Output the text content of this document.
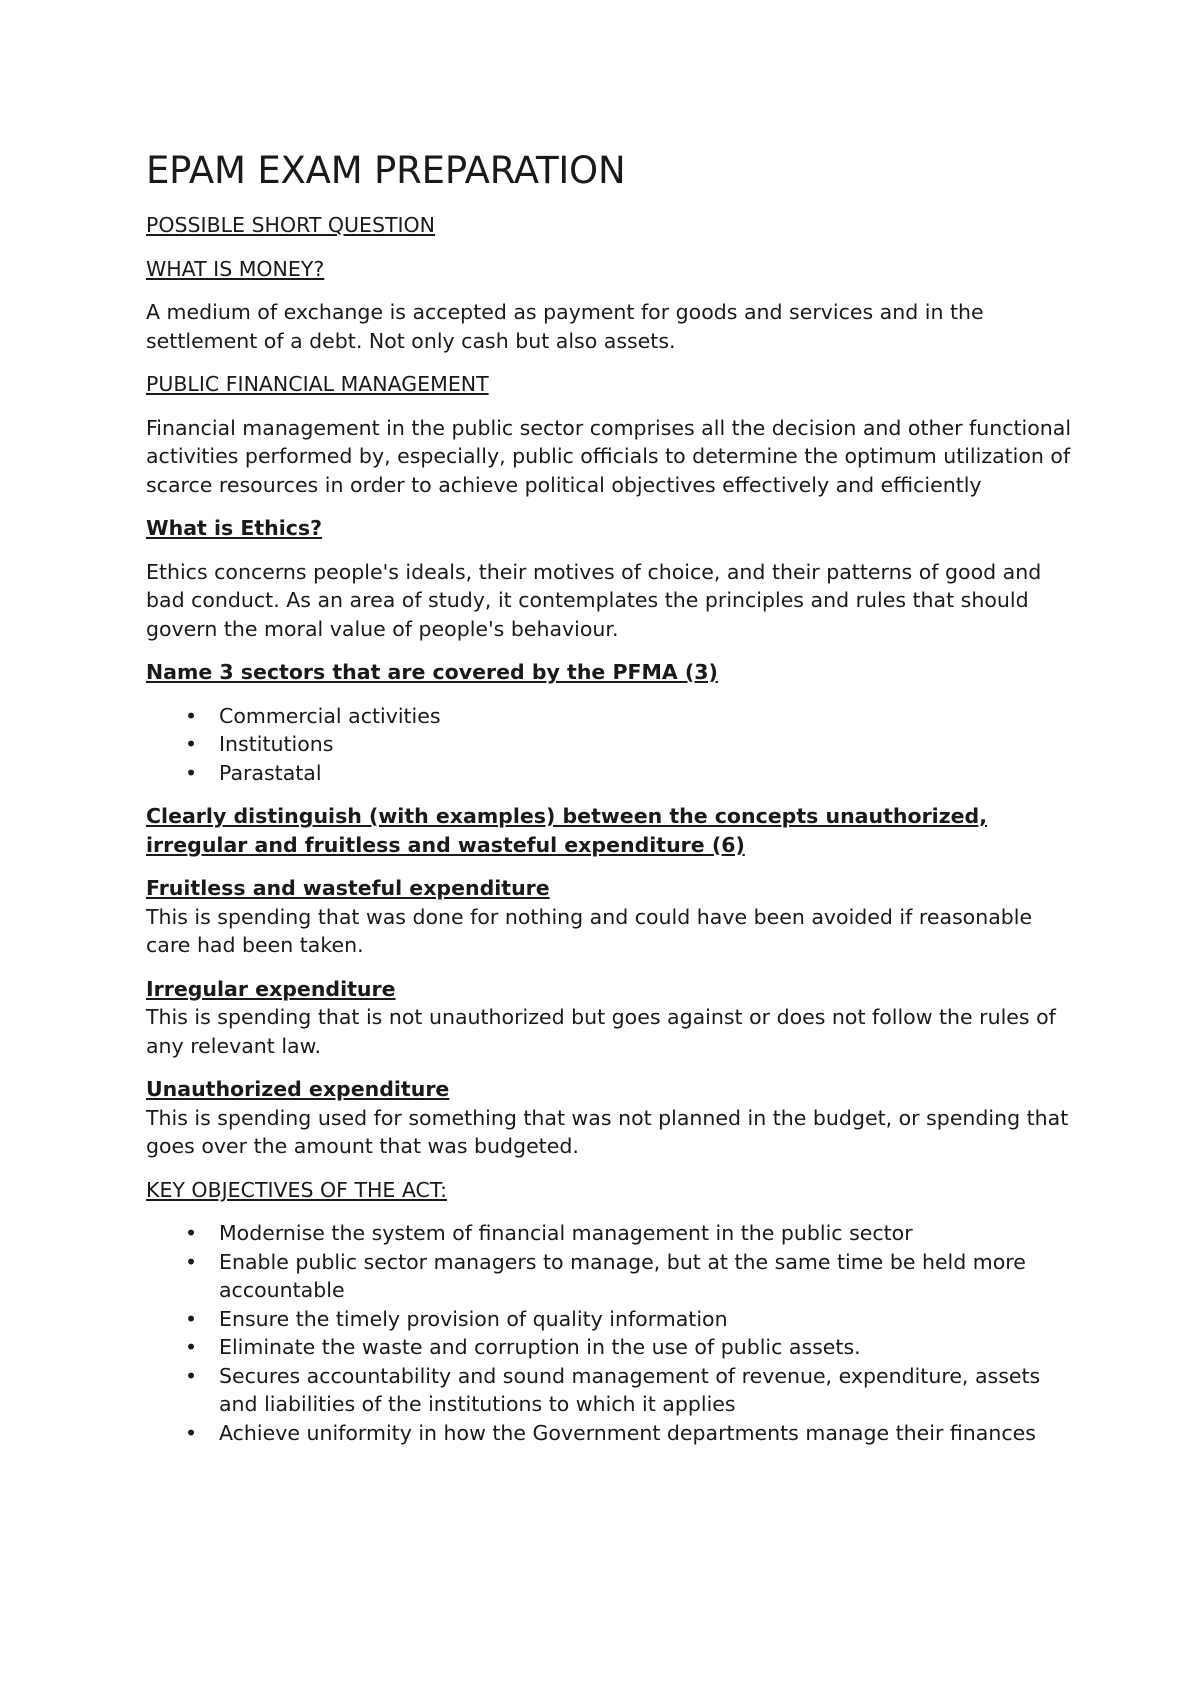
EPAM EXAM PREPARATION
POSSIBLE SHORT QUESTION
WHAT IS MONEY?

A medium of exchange is accepted as payment for goods and services and in the settlement of a debt. Not only cash but also assets.

PUBLIC FINANCIAL MANAGEMENT

Financial management in the public sector comprises all the decision and other functional activities performed by, especially, public officials to determine the optimum utilization of scarce resources in order to achieve political objectives effectively and efficiently

What is Ethics?

Ethics concerns people's ideals, their motives of choice, and their patterns of good and bad conduct. As an area of study, it contemplates the principles and rules that should govern the moral value of people's behaviour.

Name 3 sectors that are covered by the PFMA (3)
• Commercial activities
• Institutions
• Parastatal
Clearly distinguish (with examples) between the concepts unauthorized, irregular and fruitless and wasteful expenditure (6)
Fruitless and wasteful expenditure

This is spending that was done for nothing and could have been avoided if reasonable care had been taken.

Irregular expenditure

This is spending that is not unauthorized but goes against or does not follow the rules of any relevant law.

Unauthorized expenditure

This is spending used for something that was not planned in the budget, or spending that goes over the amount that was budgeted.

KEY OBJECTIVES OF THE ACT:
• Modernise the system of financial management in the public sector
• Enable public sector managers to manage, but at the same time be held more accountable
• Ensure the timely provision of quality information
• Eliminate the waste and corruption in the use of public assets.
• Secures accountability and sound management of revenue, expenditure, assets and liabilities of the institutions to which it applies
• Achieve uniformity in how the Government departments manage their finances
